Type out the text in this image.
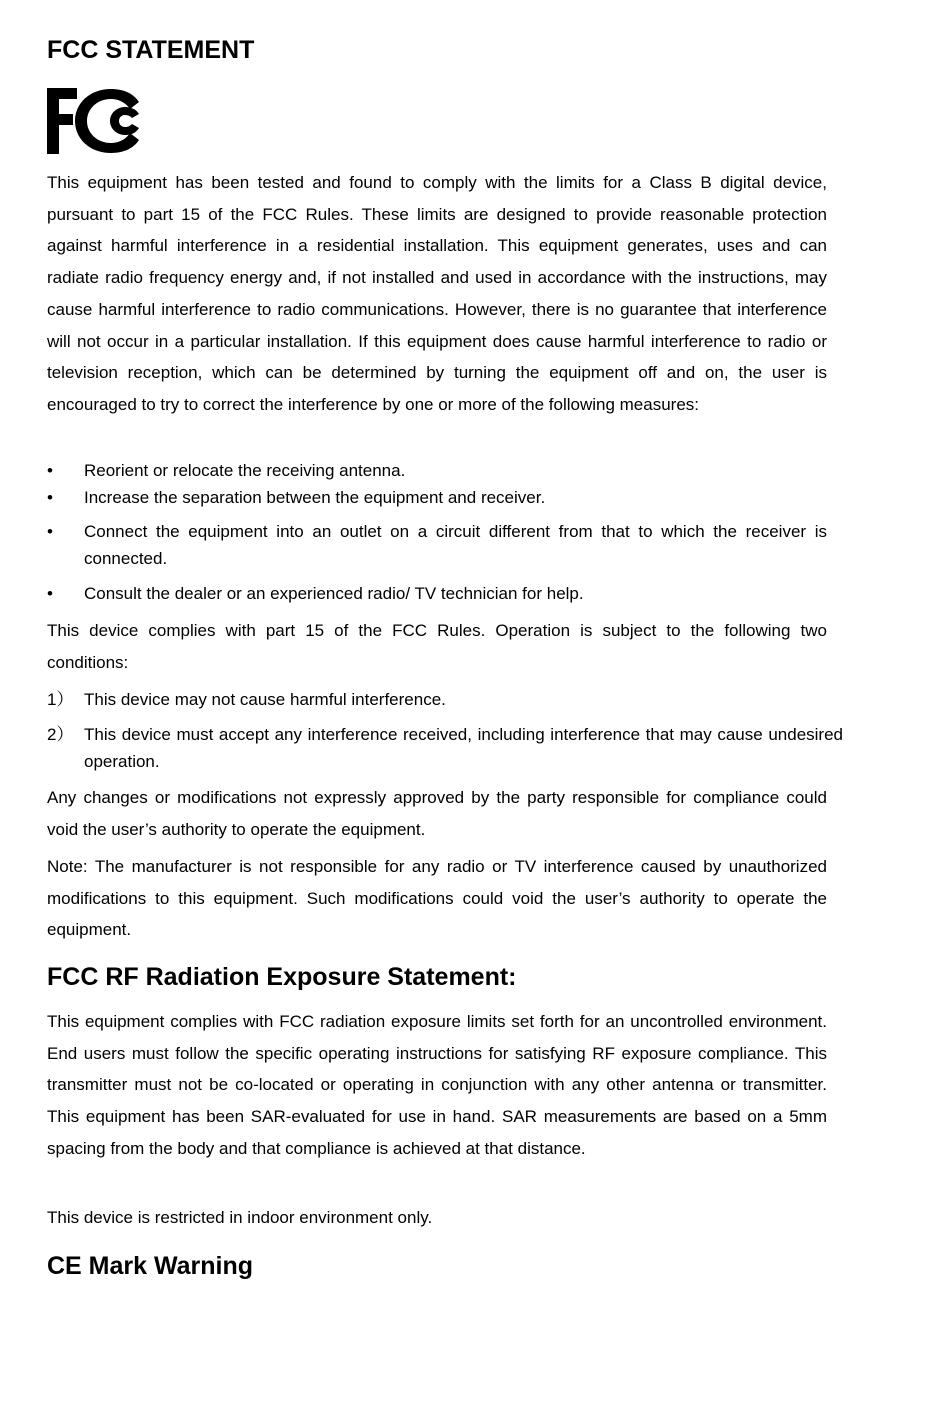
FCC STATEMENT

This equipment has been tested and found to comply with the limits for a Class B digital device, pursuant to part 15 of the FCC Rules. These limits are designed to provide reasonable protection against harmful interference in a residential installation. This equipment generates, uses and can radiate radio frequency energy and, if not installed and used in accordance with the instructions, may cause harmful interference to radio communications. However, there is no guarantee that interference will not occur in a particular installation. If this equipment does cause harmful interference to radio or television reception, which can be determined by turning the equipment off and on, the user is encouraged to try to correct the interference by one or more of the following measures:

•	Reorient or relocate the receiving antenna.
•	Increase the separation between the equipment and receiver.
•	Connect the equipment into an outlet on a circuit different from that to which the receiver is connected.
•	Consult the dealer or an experienced radio/ TV technician for help.

This device complies with part 15 of the FCC Rules. Operation is subject to the following two conditions:

1） This device may not cause harmful interference.
2） This device must accept any interference received, including interference that may cause undesired operation.

Any changes or modifications not expressly approved by the party responsible for compliance could void the user’s authority to operate the equipment.

Note: The manufacturer is not responsible for any radio or TV interference caused by unauthorized modifications to this equipment. Such modifications could void the user’s authority to operate the equipment.

FCC RF Radiation Exposure Statement:

This equipment complies with FCC radiation exposure limits set forth for an uncontrolled environment. End users must follow the specific operating instructions for satisfying RF exposure compliance. This transmitter must not be co-located or operating in conjunction with any other antenna or transmitter. This equipment has been SAR-evaluated for use in hand. SAR measurements are based on a 5mm spacing from the body and that compliance is achieved at that distance.

This device is restricted in indoor environment only.

CE Mark Warning
